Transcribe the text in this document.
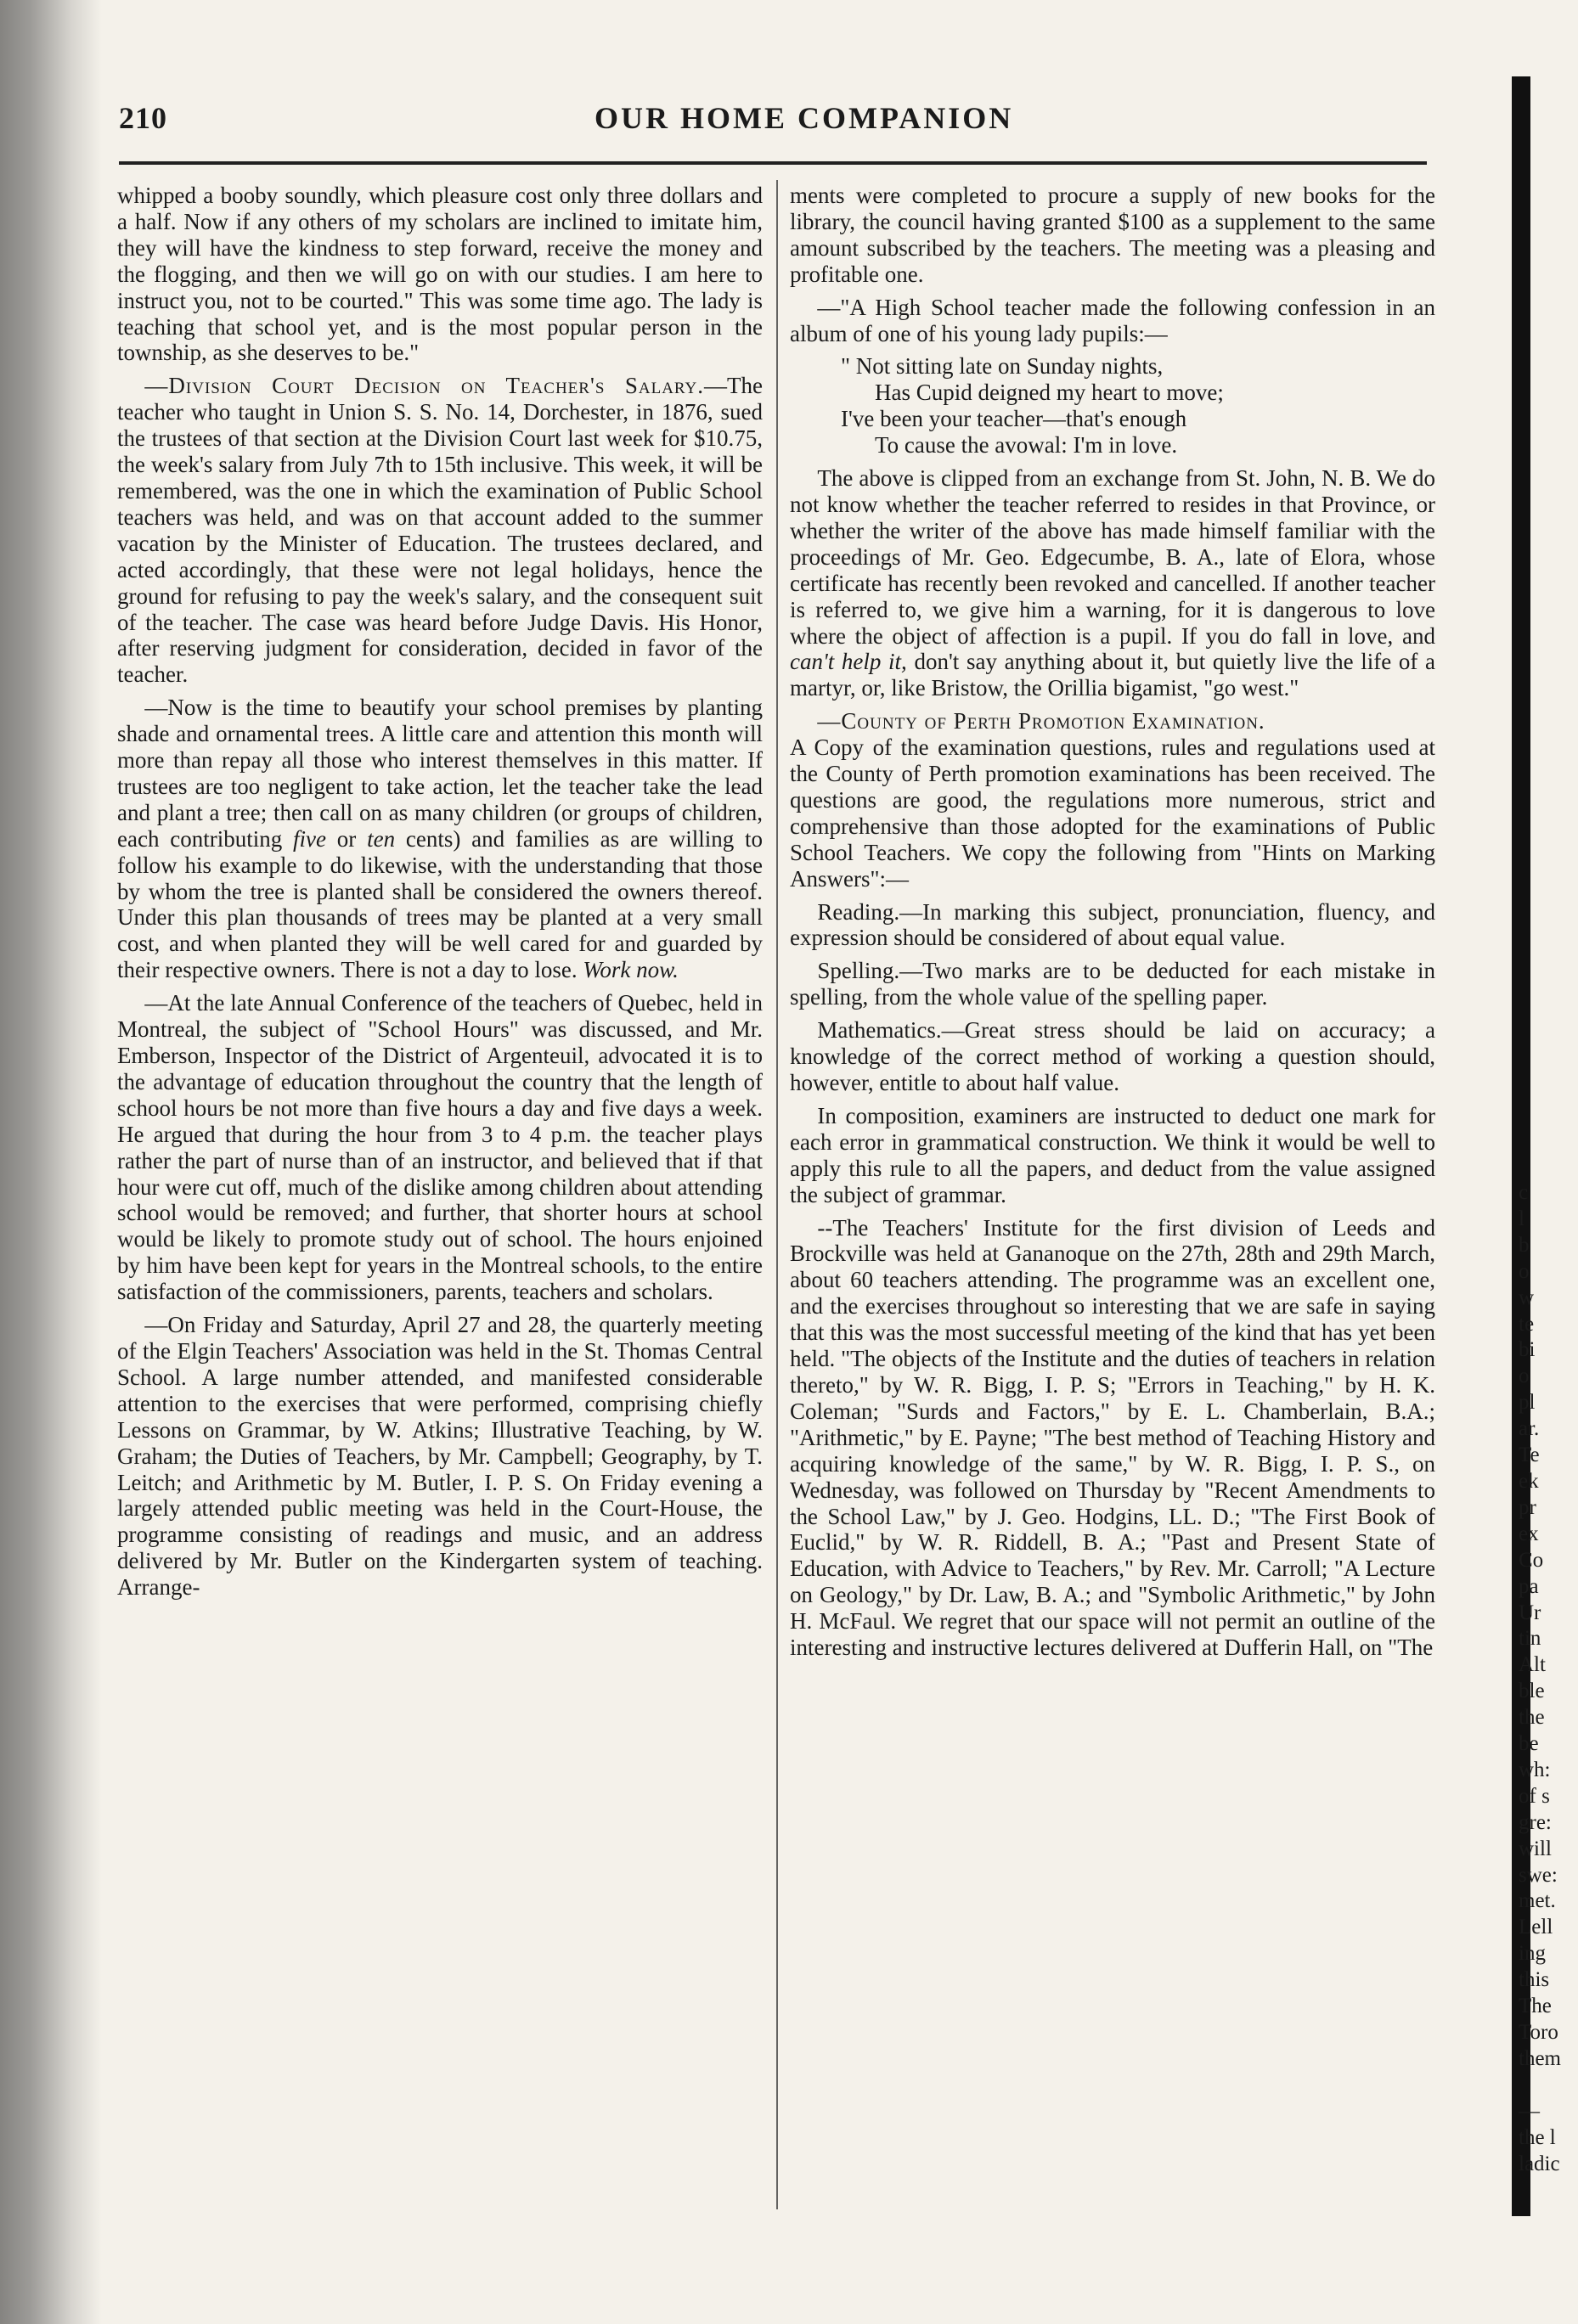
210	OUR HOME COMPANION

whipped a booby soundly, which pleasure cost only three dollars and a half. Now if any others of my scholars are inclined to imitate him, they will have the kindness to step forward, receive the money and the flogging, and then we will go on with our studies. I am here to instruct you, not to be courted." This was some time ago. The lady is teaching that school yet, and is the most popular person in the township, as she deserves to be."

—Division Court Decision on Teacher's Salary.—The teacher who taught in Union S. S. No. 14, Dorchester, in 1876, sued the trustees of that section at the Division Court last week for $10.75, the week's salary from July 7th to 15th inclusive. This week, it will be remembered, was the one in which the examination of Public School teachers was held, and was on that account added to the summer vacation by the Minister of Education. The trustees declared, and acted accordingly, that these were not legal holidays, hence the ground for refusing to pay the week's salary, and the consequent suit of the teacher. The case was heard before Judge Davis. His Honor, after reserving judgment for consideration, decided in favor of the teacher.

—Now is the time to beautify your school premises by planting shade and ornamental trees. A little care and attention this month will more than repay all those who interest themselves in this matter. If trustees are too negligent to take action, let the teacher take the lead and plant a tree; then call on as many children (or groups of children, each contributing five or ten cents) and families as are willing to follow his example to do likewise, with the understanding that those by whom the tree is planted shall be considered the owners thereof. Under this plan thousands of trees may be planted at a very small cost, and when planted they will be well cared for and guarded by their respective owners. There is not a day to lose. Work now.

—At the late Annual Conference of the teachers of Quebec, held in Montreal, the subject of "School Hours" was discussed, and Mr. Emberson, Inspector of the District of Argenteuil, advocated it is to the advantage of education throughout the country that the length of school hours be not more than five hours a day and five days a week. He argued that during the hour from 3 to 4 p.m. the teacher plays rather the part of nurse than of an instructor, and believed that if that hour were cut off, much of the dislike among children about attending school would be removed; and further, that shorter hours at school would be likely to promote study out of school. The hours enjoined by him have been kept for years in the Montreal schools, to the entire satisfaction of the commissioners, parents, teachers and scholars.

—On Friday and Saturday, April 27 and 28, the quarterly meeting of the Elgin Teachers' Association was held in the St. Thomas Central School. A large number attended, and manifested considerable attention to the exercises that were performed, comprising chiefly Lessons on Grammar, by W. Atkins; Illustrative Teaching, by W. Graham; the Duties of Teachers, by Mr. Campbell; Geography, by T. Leitch; and Arithmetic by M. Butler, I. P. S. On Friday evening a largely attended public meeting was held in the Court-House, the programme consisting of readings and music, and an address delivered by Mr. Butler on the Kindergarten system of teaching. Arrange-

ments were completed to procure a supply of new books for the library, the council having granted $100 as a supplement to the same amount subscribed by the teachers. The meeting was a pleasing and profitable one.

—"A High School teacher made the following confession in an album of one of his young lady pupils:—

" Not sitting late on Sunday nights,
Has Cupid deigned my heart to move;
I've been your teacher—that's enough
To cause the avowal: I'm in love.

The above is clipped from an exchange from St. John, N. B. We do not know whether the teacher referred to resides in that Province, or whether the writer of the above has made himself familiar with the proceedings of Mr. Geo. Edgecumbe, B. A., late of Elora, whose certificate has recently been revoked and cancelled. If another teacher is referred to, we give him a warning, for it is dangerous to love where the object of affection is a pupil. If you do fall in love, and can't help it, don't say anything about it, but quietly live the life of a martyr, or, like Bristow, the Orillia bigamist, "go west."

—County of Perth Promotion Examination.
A Copy of the examination questions, rules and regulations used at the County of Perth promotion examinations has been received. The questions are good, the regulations more numerous, strict and comprehensive than those adopted for the examinations of Public School Teachers. We copy the following from "Hints on Marking Answers":—

Reading.—In marking this subject, pronunciation, fluency, and expression should be considered of about equal value.

Spelling.—Two marks are to be deducted for each mistake in spelling, from the whole value of the spelling paper.

Mathematics.—Great stress should be laid on accuracy; a knowledge of the correct method of working a question should, however, entitle to about half value.

In composition, examiners are instructed to deduct one mark for each error in grammatical construction. We think it would be well to apply this rule to all the papers, and deduct from the value assigned the subject of grammar.

--The Teachers' Institute for the first division of Leeds and Brockville was held at Gananoque on the 27th, 28th and 29th March, about 60 teachers attending. The programme was an excellent one, and the exercises throughout so interesting that we are safe in saying that this was the most successful meeting of the kind that has yet been held. "The objects of the Institute and the duties of teachers in relation thereto," by W. R. Bigg, I. P. S; "Errors in Teaching," by H. K. Coleman; "Surds and Factors," by E. L. Chamberlain, B.A.; "Arithmetic," by E. Payne; "The best method of Teaching History and acquiring knowledge of the same," by W. R. Bigg, I. P. S., on Wednesday, was followed on Thursday by "Recent Amendments to the School Law," by J. Geo. Hodgins, LL. D.; "The First Book of Euclid," by W. R. Riddell, B. A.; "Past and Present State of Education, with Advice to Teachers," by Rev. Mr. Carroll; "A Lecture on Geology," by Dr. Law, B. A.; and "Symbolic Arithmetic," by John H. McFaul. We regret that our space will not permit an outline of the interesting and instructive lectures delivered at Dufferin Hall, on "The

c
l
b
o
w
te
bi
o
pl
ar.
Te
ek
pr
ex
Co
pa
Ur
tin
Alt
ble
the
be
wh:
of s
gre:
will
swe:
met.
Lell
ing
this
The
Toro
them

—
the l
ladic
